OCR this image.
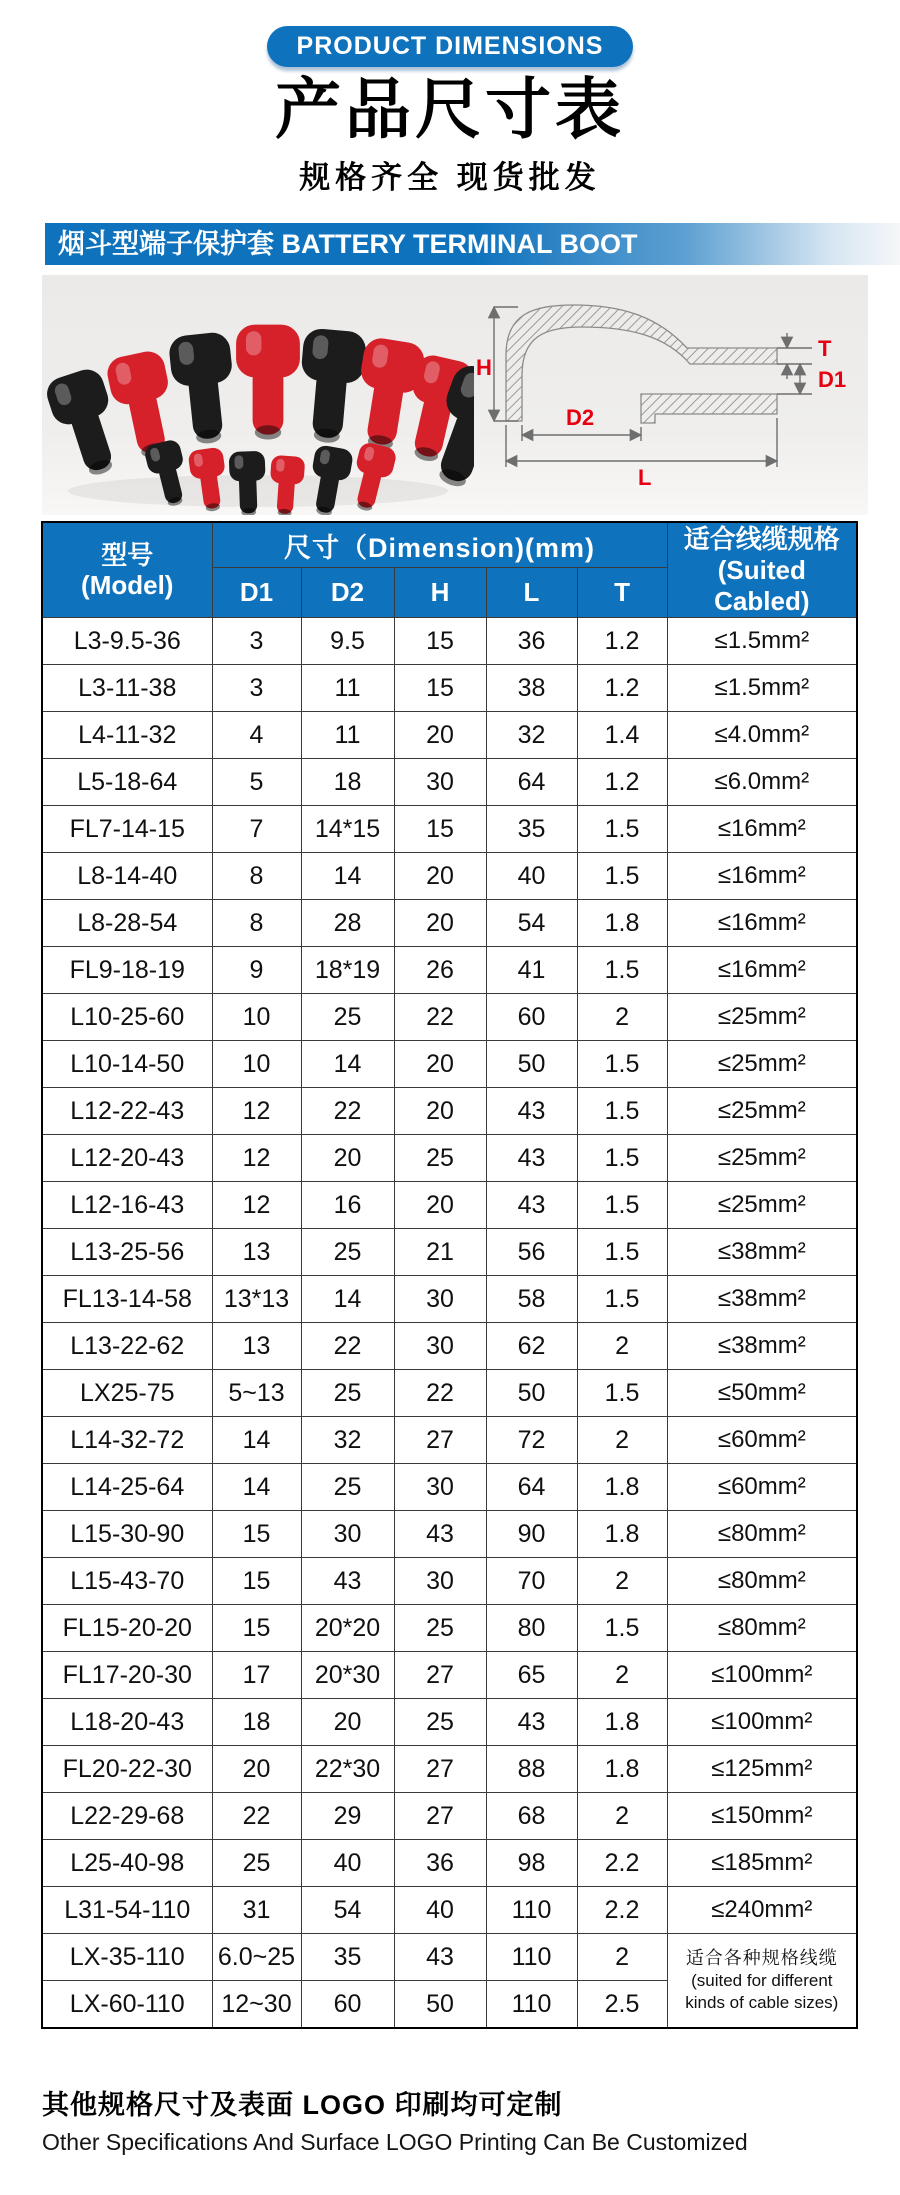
PRODUCT DIMENSIONS
产品尺寸表
规格齐全 现货批发
烟斗型端子保护套 BATTERY TERMINAL BOOT
H
D2
L
T
D1
型号
(Model)
	尺寸（Dimension)(mm)	适合线缆规格
(Suited Cabled)

	D1	D2	H	L	T	
L3-9.5-36	3	9.5	15	36	1.2	≤1.5mm²
L3-11-38	3	11	15	38	1.2	≤1.5mm²
L4-11-32	4	11	20	32	1.4	≤4.0mm²
L5-18-64	5	18	30	64	1.2	≤6.0mm²
FL7-14-15	7	14*15	15	35	1.5	≤16mm²
L8-14-40	8	14	20	40	1.5	≤16mm²
L8-28-54	8	28	20	54	1.8	≤16mm²
FL9-18-19	9	18*19	26	41	1.5	≤16mm²
L10-25-60	10	25	22	60	2	≤25mm²
L10-14-50	10	14	20	50	1.5	≤25mm²
L12-22-43	12	22	20	43	1.5	≤25mm²
L12-20-43	12	20	25	43	1.5	≤25mm²
L12-16-43	12	16	20	43	1.5	≤25mm²
L13-25-56	13	25	21	56	1.5	≤38mm²
FL13-14-58	13*13	14	30	58	1.5	≤38mm²
L13-22-62	13	22	30	62	2	≤38mm²
LX25-75	5~13	25	22	50	1.5	≤50mm²
L14-32-72	14	32	27	72	2	≤60mm²
L14-25-64	14	25	30	64	1.8	≤60mm²
L15-30-90	15	30	43	90	1.8	≤80mm²
L15-43-70	15	43	30	70	2	≤80mm²
FL15-20-20	15	20*20	25	80	1.5	≤80mm²
FL17-20-30	17	20*30	27	65	2	≤100mm²
L18-20-43	18	20	25	43	1.8	≤100mm²
FL20-22-30	20	22*30	27	88	1.8	≤125mm²
L22-29-68	22	29	27	68	2	≤150mm²
L25-40-98	25	40	36	98	2.2	≤185mm²
L31-54-110	31	54	40	110	2.2	≤240mm²
LX-35-110	6.0~25	35	43	110	2	适合各种规格线缆
(suited for different
kinds of cable sizes)

LX-60-110	12~30	60	50	110	2.5	
其他规格尺寸及表面 LOGO 印刷均可定制
Other Specifications And Surface LOGO Printing Can Be Customized
